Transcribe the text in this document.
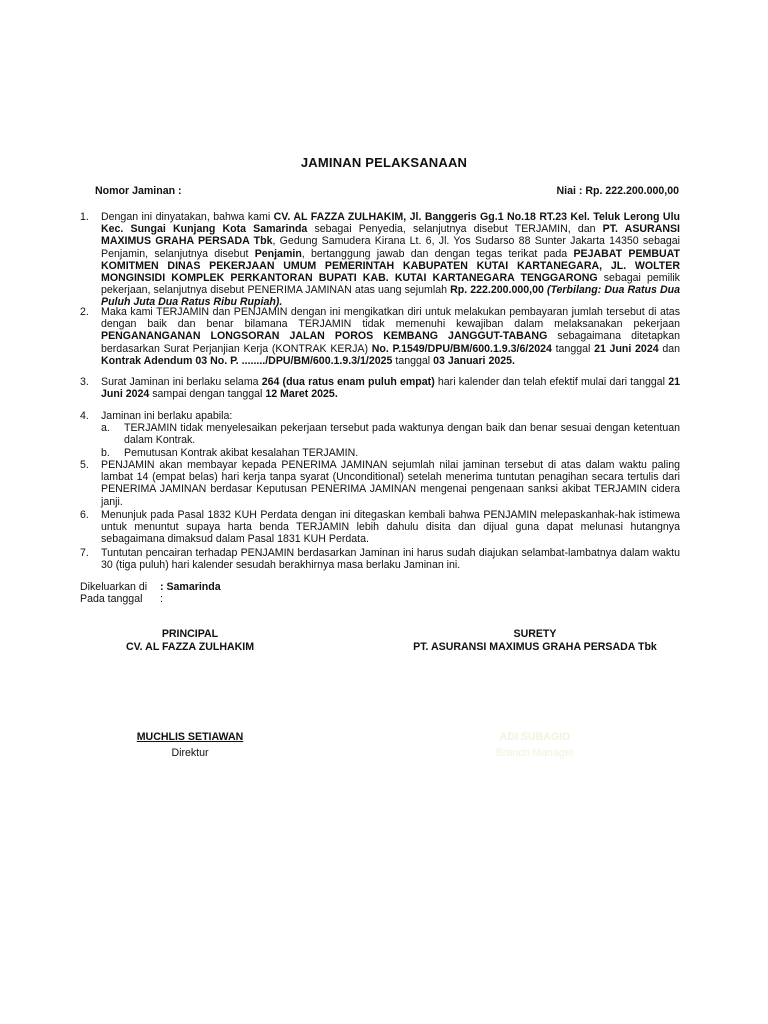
JAMINAN PELAKSANAAN
Nomor Jaminan :	Niai : Rp. 222.200.000,00
1.	Dengan ini dinyatakan, bahwa kami CV. AL FAZZA ZULHAKIM, Jl. Banggeris Gg.1 No.18 RT.23 Kel. Teluk Lerong Ulu Kec. Sungai Kunjang Kota Samarinda sebagai Penyedia, selanjutnya disebut TERJAMIN, dan PT. ASURANSI MAXIMUS GRAHA PERSADA Tbk, Gedung Samudera Kirana Lt. 6, Jl. Yos Sudarso 88 Sunter Jakarta 14350 sebagai Penjamin, selanjutnya disebut Penjamin, bertanggung jawab dan dengan tegas terikat pada PEJABAT PEMBUAT KOMITMEN DINAS PEKERJAAN UMUM PEMERINTAH KABUPATEN KUTAI KARTANEGARA, JL. WOLTER MONGINSIDI KOMPLEK PERKANTORAN BUPATI KAB. KUTAI KARTANEGARA TENGGARONG sebagai pemilik pekerjaan, selanjutnya disebut PENERIMA JAMINAN atas uang sejumlah Rp. 222.200.000,00 (Terbilang: Dua Ratus Dua Puluh Juta Dua Ratus Ribu Rupiah).
2.	Maka kami TERJAMIN dan PENJAMIN dengan ini mengikatkan diri untuk melakukan pembayaran jumlah tersebut di atas dengan baik dan benar bilamana TERJAMIN tidak memenuhi kewajiban dalam melaksanakan pekerjaan PENGANANGANAN LONGSORAN JALAN POROS KEMBANG JANGGUT-TABANG sebagaimana ditetapkan berdasarkan Surat Perjanjian Kerja (KONTRAK KERJA) No. P.1549/DPU/BM/600.1.9.3/6/2024 tanggal 21 Juni 2024 dan Kontrak Adendum 03 No. P. ......../DPU/BM/600.1.9.3/1/2025 tanggal 03 Januari 2025.
3.	Surat Jaminan ini berlaku selama 264 (dua ratus enam puluh empat) hari kalender dan telah efektif mulai dari tanggal 21 Juni 2024 sampai dengan tanggal 12 Maret 2025.
4.	Jaminan ini berlaku apabila:
a. TERJAMIN tidak menyelesaikan pekerjaan tersebut pada waktunya dengan baik dan benar sesuai dengan ketentuan dalam Kontrak.
b. Pemutusan Kontrak akibat kesalahan TERJAMIN.
5.	PENJAMIN akan membayar kepada PENERIMA JAMINAN sejumlah nilai jaminan tersebut di atas dalam waktu paling lambat 14 (empat belas) hari kerja tanpa syarat (Unconditional) setelah menerima tuntutan penagihan secara tertulis dari PENERIMA JAMINAN berdasar Keputusan PENERIMA JAMINAN mengenai pengenaan sanksi akibat TERJAMIN cidera janji.
6.	Menunjuk pada Pasal 1832 KUH Perdata dengan ini ditegaskan kembali bahwa PENJAMIN melepaskanhak-hak istimewa untuk menuntut supaya harta benda TERJAMIN lebih dahulu disita dan dijual guna dapat melunasi hutangnya sebagaimana dimaksud dalam Pasal 1831 KUH Perdata.
7.	Tuntutan pencairan terhadap PENJAMIN berdasarkan Jaminan ini harus sudah diajukan selambat-lambatnya dalam waktu 30 (tiga puluh) hari kalender sesudah berakhirnya masa berlaku Jaminan ini.
Dikeluarkan di : Samarinda
Pada tanggal :
PRINCIPAL
CV. AL FAZZA ZULHAKIM
MUCHLIS SETIAWAN
Direktur
SURETY
PT. ASURANSI MAXIMUS GRAHA PERSADA Tbk
ADI SUBAGIO
Branch Manager
